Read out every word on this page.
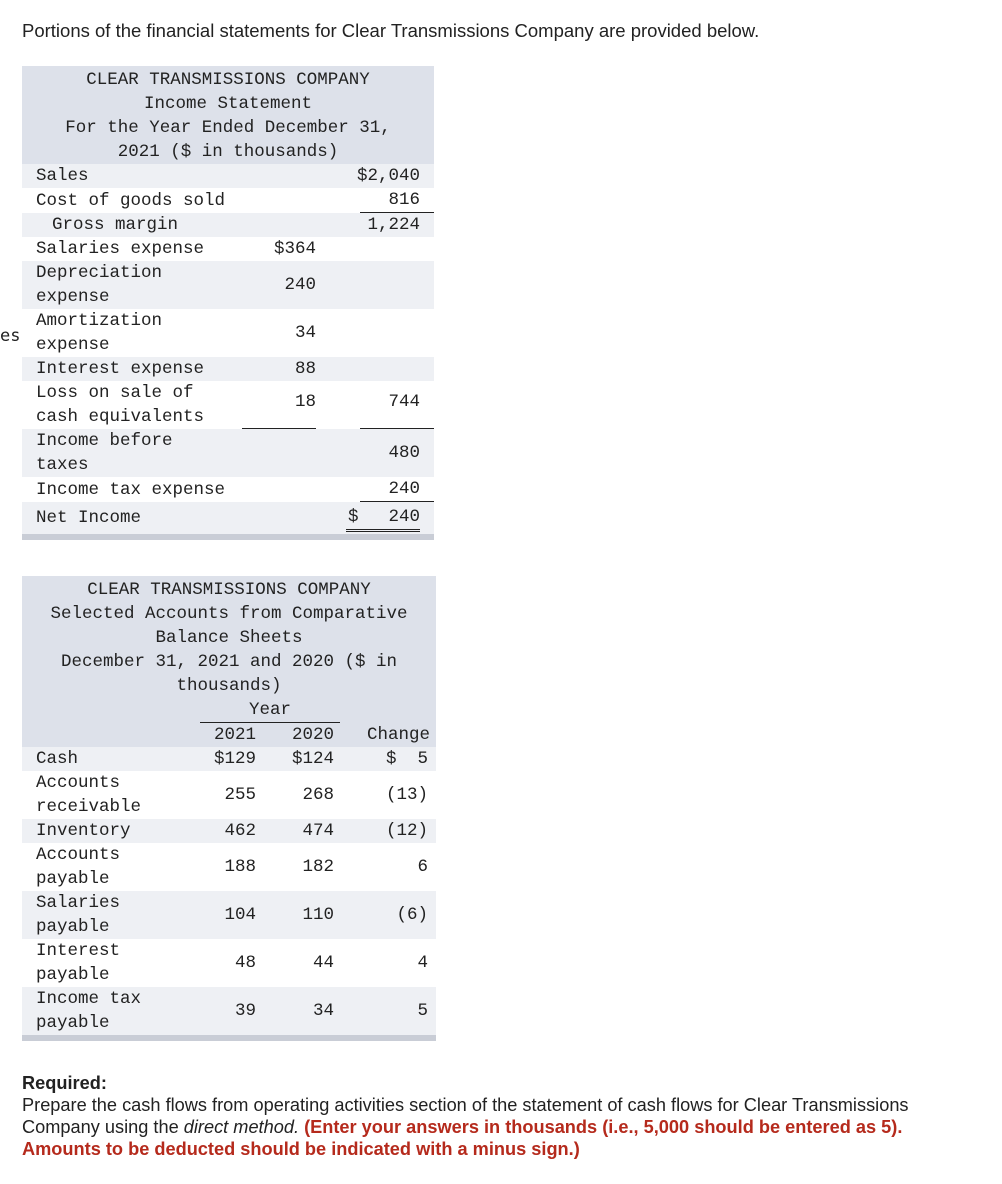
Portions of the financial statements for Clear Transmissions Company are provided below.
es
CLEAR TRANSMISSIONS COMPANY
Income Statement
For the Year Ended December 31,
2021 ($ in thousands)			

Sales			$2,040
Cost of goods sold			816

Gross margin			1,224
Salaries expense	$364		

Depreciation
expense	240		

Amortization
expense	34		
Interest expense	88		

Loss on sale of
cash equivalents	18		744

Income before
taxes			480
Income tax expense			240

Net Income			$ 240

CLEAR TRANSMISSIONS COMPANY
Selected Accounts from Comparative
Balance Sheets
December 31, 2021 and 2020 ($ in
thousands)			

	Year		

	2021	2020	Change

Cash	$129	$124	$  5

Accounts
receivable	255	268	(13)

Inventory	462	474	(12)

Accounts
payable	188	182	6

Salaries
payable	104	110	(6)

Interest
payable	48	44	4

Income tax
payable	39	34	5

Required:
Prepare the cash flows from operating activities section of the statement of cash flows for Clear Transmissions Company using the direct method. (Enter your answers in thousands (i.e., 5,000 should be entered as 5). Amounts to be deducted should be indicated with a minus sign.)
